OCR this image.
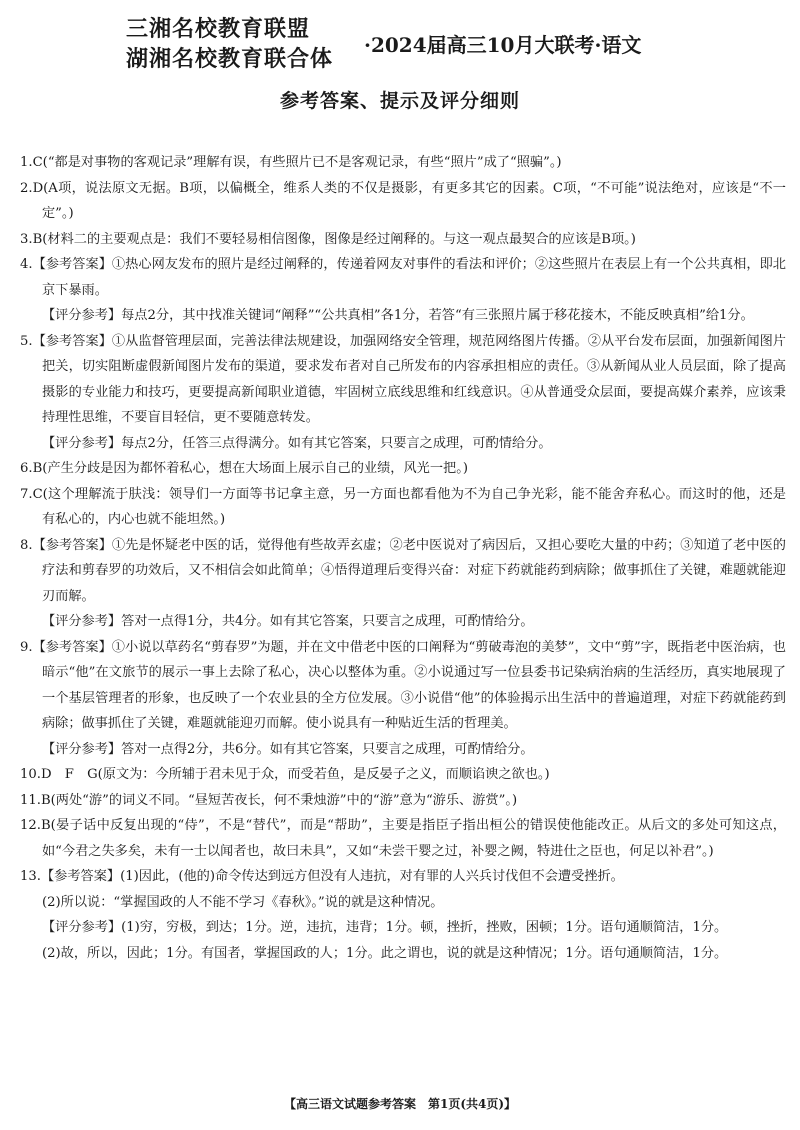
三湘名校教育联盟
湖湘名校教育联合体
·2024届高三10月大联考·语文
参考答案、提示及评分细则

1.C(“都是对事物的客观记录”理解有误，有些照片已不是客观记录，有些“照片”成了“照骗”。)

2.D(A项，说法原文无据。B项，以偏概全，维系人类的不仅是摄影，有更多其它的因素。C项，“不可能”说法绝对，应该是“不一定”。)

3.B(材料二的主要观点是：我们不要轻易相信图像，图像是经过阐释的。与这一观点最契合的应该是B项。)

4.【参考答案】①热心网友发布的照片是经过阐释的，传递着网友对事件的看法和评价；②这些照片在表层上有一个公共真相，即北京下暴雨。

【评分参考】每点2分，其中找准关键词“阐释”“公共真相”各1分，若答“有三张照片属于移花接木，不能反映真相”给1分。

5.【参考答案】①从监督管理层面，完善法律法规建设，加强网络安全管理，规范网络图片传播。②从平台发布层面，加强新闻图片把关，切实阻断虚假新闻图片发布的渠道，要求发布者对自己所发布的内容承担相应的责任。③从新闻从业人员层面，除了提高摄影的专业能力和技巧，更要提高新闻职业道德，牢固树立底线思维和红线意识。④从普通受众层面，要提高媒介素养，应该秉持理性思维，不要盲目轻信，更不要随意转发。

【评分参考】每点2分，任答三点得满分。如有其它答案，只要言之成理，可酌情给分。

6.B(产生分歧是因为都怀着私心，想在大场面上展示自己的业绩，风光一把。)

7.C(这个理解流于肤浅：领导们一方面等书记拿主意，另一方面也都看他为不为自己争光彩，能不能舍弃私心。而这时的他，还是有私心的，内心也就不能坦然。)

8.【参考答案】①先是怀疑老中医的话，觉得他有些故弄玄虚；②老中医说对了病因后，又担心要吃大量的中药；③知道了老中医的疗法和剪春罗的功效后，又不相信会如此简单；④悟得道理后变得兴奋：对症下药就能药到病除；做事抓住了关键，难题就能迎刃而解。

【评分参考】答对一点得1分，共4分。如有其它答案，只要言之成理，可酌情给分。

9.【参考答案】①小说以草药名“剪春罗”为题，并在文中借老中医的口阐释为“剪破毒泡的美梦”，文中“剪”字，既指老中医治病，也暗示“他”在文旅节的展示一事上去除了私心，决心以整体为重。②小说通过写一位县委书记染病治病的生活经历，真实地展现了一个基层管理者的形象，也反映了一个农业县的全方位发展。③小说借“他”的体验揭示出生活中的普遍道理，对症下药就能药到病除；做事抓住了关键，难题就能迎刃而解。使小说具有一种贴近生活的哲理美。

【评分参考】答对一点得2分，共6分。如有其它答案，只要言之成理，可酌情给分。

10.D　F　G(原文为：今所辅于君未见于众，而受若鱼，是反晏子之义，而顺谄谀之欲也。)

11.B(两处“游”的词义不同。“昼短苦夜长，何不秉烛游”中的“游”意为“游乐、游赏”。)

12.B(晏子话中反复出现的“侍”，不是“替代”，而是“帮助”，主要是指臣子指出桓公的错误使他能改正。从后文的多处可知这点，如“今君之失多矣，未有一士以闻者也，故曰未具”，又如“未尝干婴之过，补婴之阙，特进仕之臣也，何足以补君”。)

13.【参考答案】(1)因此，(他的)命令传达到远方但没有人违抗，对有罪的人兴兵讨伐但不会遭受挫折。

(2)所以说：“掌握国政的人不能不学习《春秋》。”说的就是这种情况。

【评分参考】(1)穷，穷极，到达；1分。逆，违抗，违背；1分。顿，挫折，挫败，困顿；1分。语句通顺简洁，1分。

(2)故，所以，因此；1分。有国者，掌握国政的人；1分。此之谓也，说的就是这种情况；1分。语句通顺简洁，1分。

【高三语文试题参考答案　第1页(共4页)】
